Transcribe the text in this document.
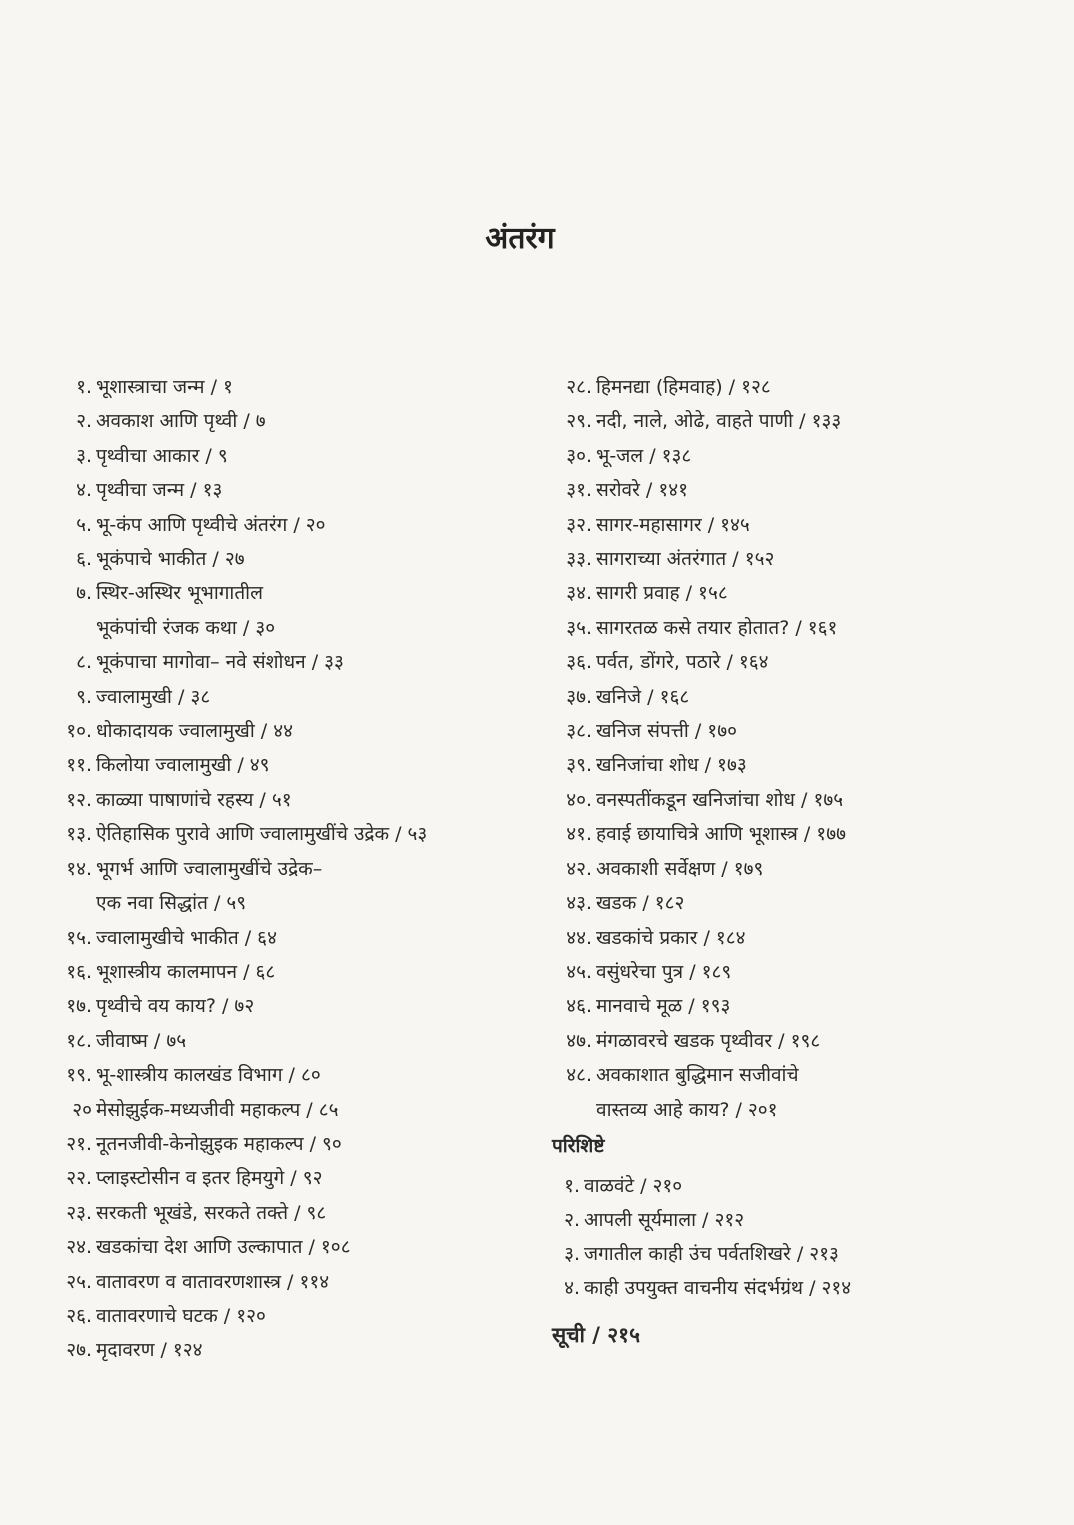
अंतरंग
१. भूशास्त्राचा जन्म / १
२. अवकाश आणि पृथ्वी / ७
३. पृथ्वीचा आकार / ९
४. पृथ्वीचा जन्म / १३
५. भू-कंप आणि पृथ्वीचे अंतरंग / २०
६. भूकंपाचे भाकीत / २७
७. स्थिर-अस्थिर भूभागातील
भूकंपांची रंजक कथा / ३०
८. भूकंपाचा मागोवा– नवे संशोधन / ३३
९. ज्वालामुखी / ३८
१०. धोकादायक ज्वालामुखी / ४४
११. किलोया ज्वालामुखी / ४९
१२. काळ्या पाषाणांचे रहस्य / ५१
१३. ऐतिहासिक पुरावे आणि ज्वालामुखींचे उद्रेक / ५३
१४. भूगर्भ आणि ज्वालामुखींचे उद्रेक–
एक नवा सिद्धांत / ५९
१५. ज्वालामुखीचे भाकीत / ६४
१६. भूशास्त्रीय कालमापन / ६८
१७. पृथ्वीचे वय काय? / ७२
१८. जीवाष्म / ७५
१९. भू-शास्त्रीय कालखंड विभाग / ८०
२० मेसोझुईक-मध्यजीवी महाकल्प / ८५
२१. नूतनजीवी-केनोझुइक महाकल्प / ९०
२२. प्लाइस्टोसीन व इतर हिमयुगे / ९२
२३. सरकती भूखंडे, सरकते तक्ते / ९८
२४. खडकांचा देश आणि उल्कापात / १०८
२५. वातावरण व वातावरणशास्त्र / ११४
२६. वातावरणाचे घटक / १२०
२७. मृदावरण / १२४
२८. हिमनद्या (हिमवाह) / १२८
२९. नदी, नाले, ओढे, वाहते पाणी / १३३
३०. भू-जल / १३८
३१. सरोवरे / १४१
३२. सागर-महासागर / १४५
३३. सागराच्या अंतरंगात / १५२
३४. सागरी प्रवाह / १५८
३५. सागरतळ कसे तयार होतात? / १६१
३६. पर्वत, डोंगरे, पठारे / १६४
३७. खनिजे / १६८
३८. खनिज संपत्ती / १७०
३९. खनिजांचा शोध / १७३
४०. वनस्पतींकडून खनिजांचा शोध / १७५
४१. हवाई छायाचित्रे आणि भूशास्त्र / १७७
४२. अवकाशी सर्वेक्षण / १७९
४३. खडक / १८२
४४. खडकांचे प्रकार / १८४
४५. वसुंधरेचा पुत्र / १८९
४६. मानवाचे मूळ / १९३
४७. मंगळावरचे खडक पृथ्वीवर / १९८
४८. अवकाशात बुद्धिमान सजीवांचे
वास्तव्य आहे काय? / २०१
परिशिष्टे
१. वाळवंटे / २१०
२. आपली सूर्यमाला / २१२
३. जगातील काही उंच पर्वतशिखरे / २१३
४. काही उपयुक्त वाचनीय संदर्भग्रंथ / २१४
सूची / २१५
